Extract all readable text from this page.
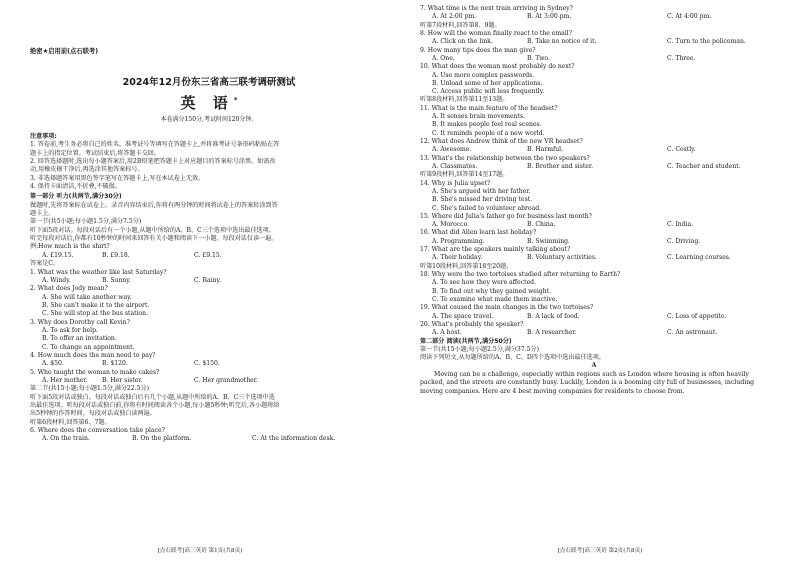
绝密★启用前(点石联考)
2024年12月份东三省高三联考调研测试
英 语*
本卷满分150分,考试时间120分钟。
注意事项:
1. 答卷前,考生务必将自己的姓名、准考证号等填写在答题卡上,并将准考证号条形码粘贴在答
题卡上的指定位置。考试结束后,将答题卡交回。
2. 回答选择题时,选出每小题答案后,用2B铅笔把答题卡上对应题目的答案标号涂黑。如需改
动,用橡皮擦干净后,再选涂其他答案标号。
3. 非选择题答案用黑色签字笔写在答题卡上,写在本试卷上无效。
4. 保持卡面清洁,不折叠,不破损。
第一部分 听力(共两节,满分30分)
做题时,先将答案标在试卷上。录音内容结束后,你将有两分钟的时间将试卷上的答案转涂到答
题卡上。
第一节(共5小题;每小题1.5分,满分7.5分)
听下面5段对话。每段对话后有一个小题,从题中所给的A、B、C三个选项中选出最佳选项。
听完每段对话后,你都有10秒钟的时间来回答有关小题和阅读下一小题。每段对话仅读一遍。
例:How much is the shirt?
A. £19.15.	B. £9.18.	C. £9.15.
答案是C。
1. What was the weather like last Saturday?
A. Windy.	B. Sunny.	C. Rainy.
2. What does Jody mean?
A. She will take another way.
B. She can't make it to the airport.
C. She will stop at the bus station.
3. Why does Dorothy call Kevin?
A. To ask for help.
B. To offer an invitation.
C. To change an appointment.
4. How much does the man need to pay?
A. $50.	B. $120.	C. $150.
5. Who taught the woman to make cakes?
A. Her mother.	B. Her sister.	C. Her grandmother.
第二节(共15小题;每小题1.5分,满分22.5分)
听下面5段对话或独白。每段对话或独白后有几个小题,从题中所给的A、B、C三个选项中选
出最佳选项。听每段对话或独白前,你将有时间阅读各个小题,每小题5秒钟;听完后,各小题将给
出5秒钟的作答时间。每段对话或独白读两遍。
听第6段材料,回答第6、7题。
6. Where does the conversation take place?
A. On the train.	B. On the platform.	C. At the information desk.
[点石联考]高三英语 第1页(共8页)
7. What time is the next train arriving in Sydney?
A. At 2:00 pm.	B. At 3:00 pm.	C. At 4:00 pm.
听第7段材料,回答第8、9题。
8. How will the woman finally react to the email?
A. Click on the link.	B. Take no notice of it.	C. Turn to the policeman.
9. How many tips does the man give?
A. One.	B. Two.	C. Three.
10. What does the woman most probably do next?
A. Use more complex passwords.
B. Unload some of her applications.
C. Access public wifi less frequently.
听第8段材料,回答第11至13题。
11. What is the main feature of the headset?
A. It senses brain movements.
B. It makes people feel real scenes.
C. It reminds people of a new world.
12. What does Andrew think of the new VR headset?
A. Awesome.	B. Harmful.	C. Costly.
13. What's the relationship between the two speakers?
A. Classmates.	B. Brother and sister.	C. Teacher and student.
听第9段材料,回答第14至17题。
14. Why is Julia upset?
A. She's argued with her father.
B. She's missed her driving test.
C. She's failed to volunteer abroad.
15. Where did Julia's father go for business last month?
A. Morocco.	B. China.	C. India.
16. What did Allen learn last holiday?
A. Programming.	B. Swimming.	C. Driving.
17. What are the speakers mainly talking about?
A. Their holiday.	B. Voluntary activities.	C. Learning courses.
听第10段材料,回答第18至20题。
18. Why were the two tortoises studied after returning to Earth?
A. To see how they were affected.
B. To find out why they gained weight.
C. To examine what made them inactive.
19. What caused the main changes in the two tortoises?
A. The space travel.	B. A lack of food.	C. Loss of appetite.
20. What's probably the speaker?
A. A host.	B. A researcher.	C. An astronaut.
第二部分 阅读(共两节,满分50分)
第一节(共15小题;每小题2.5分,满分37.5分)
阅读下列短文,从每题所给的A、B、C、D四个选项中选出最佳选项。
A
Moving can be a challenge, especially within regions such as London where housing is often heavily packed, and the streets are constantly busy. Luckily, London is a booming city full of businesses, including moving companies. Here are 4 best moving companies for residents to choose from.
[点石联考]高三英语 第2页(共8页)
